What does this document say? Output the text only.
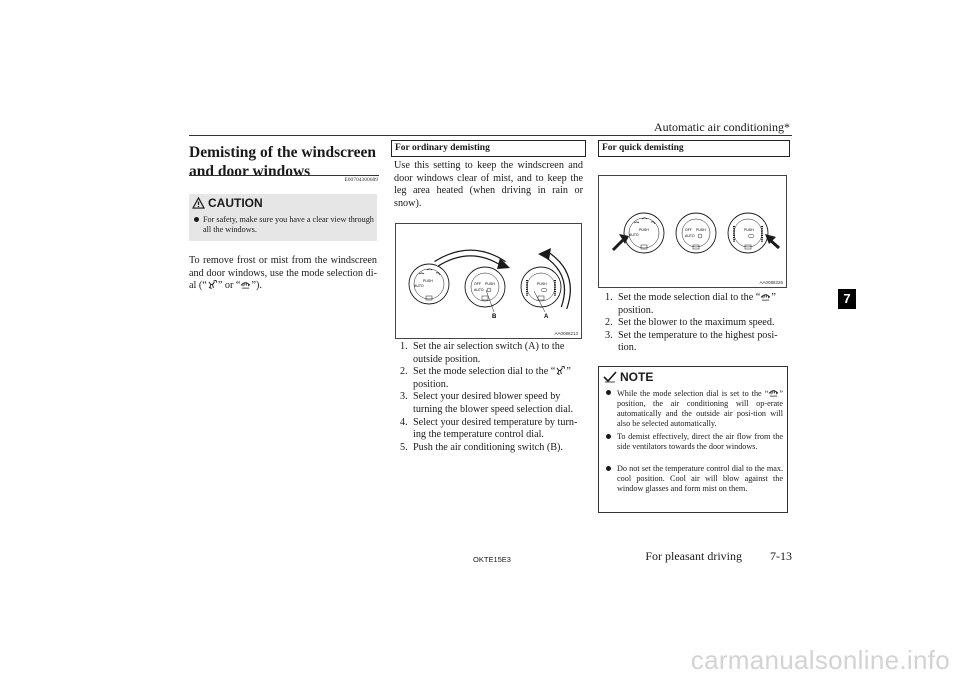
Automatic air conditioning*
7
Demisting of the windscreen
and door windows	E00704300689
CAUTION
For safety, make sure you have a clear view through all the windows.
To remove frost or mist from the windscreen and door windows, use the mode selection di-al (“ ” or “ ”).
For ordinary demisting
Use this setting to keep the windscreen and door windows clear of mist, and to keep the leg area heated (when driving in rain or snow).
AUTO
PUSH
OFF PUSH
AUTO
PUSH
A
B
AA0088213
1. Set the air selection switch (A) to the outside position.
2. Set the mode selection dial to the “ ” position.
3. Select your desired blower speed by turning the blower speed selection dial.
4. Select your desired temperature by turn-ing the temperature control dial.
5. Push the air conditioning switch (B).
For quick demisting
AUTO
PUSH	OFF PUSH
AUTO
PUSH
AA0088226
1. Set the mode selection dial to the “ ” position.
2. Set the blower to the maximum speed.
3. Set the temperature to the highest posi-tion.
NOTE
While the mode selection dial is set to the “ ” position, the air conditioning will op-erate automatically and the outside air posi-tion will also be selected automatically.
To demist effectively, direct the air flow from the side ventilators towards the door windows.
Do not set the temperature control dial to the max. cool position. Cool air will blow against the window glasses and form mist on them.
OKTE15E3	For pleasant driving	7-13
carmanualsonline.info
